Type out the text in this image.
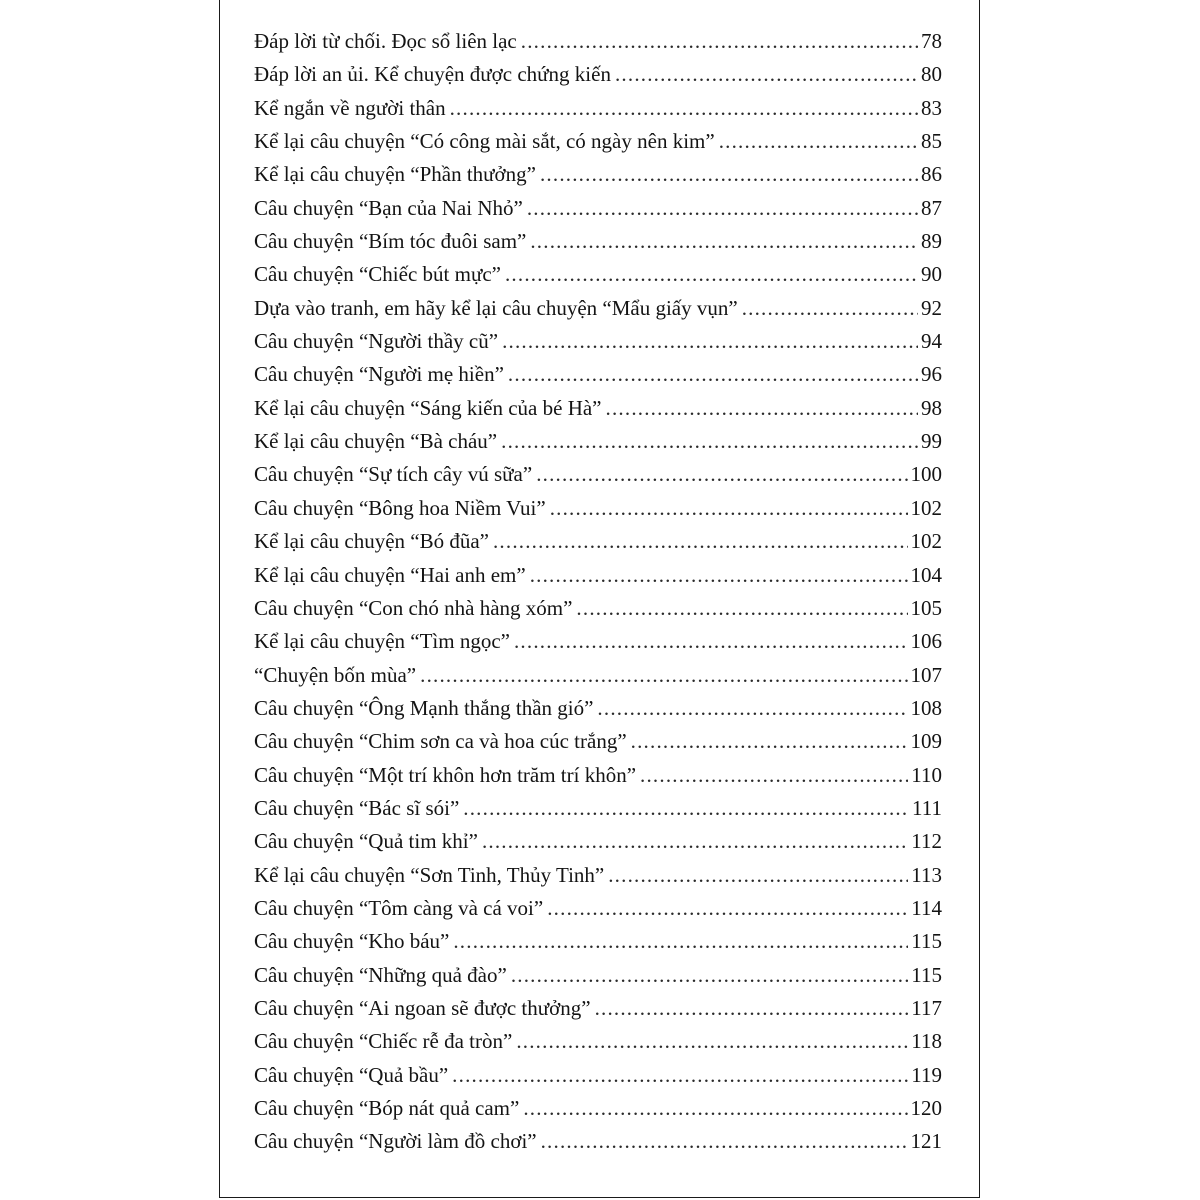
Đáp lời từ chối. Đọc sổ liên lạc .....	78
Đáp lời an ủi. Kể chuyện được chứng kiến .....	80
Kể ngắn về người thân .....	83
Kể lại câu chuyện “Có công mài sắt, có ngày nên kim” .....	85
Kể lại câu chuyện “Phần thưởng” .....	86
Câu chuyện “Bạn của Nai Nhỏ” .....	87
Câu chuyện “Bím tóc đuôi sam” .....	89
Câu chuyện “Chiếc bút mực” .....	90
Dựa vào tranh, em hãy kể lại câu chuyện “Mẩu giấy vụn” .....	92
Câu chuyện “Người thầy cũ” .....	94
Câu chuyện “Người mẹ hiền” .....	96
Kể lại câu chuyện “Sáng kiến của bé Hà” .....	98
Kể lại câu chuyện “Bà cháu” .....	99
Câu chuyện “Sự tích cây vú sữa” .....	100
Câu chuyện “Bông hoa Niềm Vui” .....	102
Kể lại câu chuyện “Bó đũa” .....	102
Kể lại câu chuyện “Hai anh em” .....	104
Câu chuyện “Con chó nhà hàng xóm” .....	105
Kể lại câu chuyện “Tìm ngọc” .....	106
“Chuyện bốn mùa” .....	107
Câu chuyện “Ông Mạnh thắng thần gió” .....	108
Câu chuyện “Chim sơn ca và hoa cúc trắng” .....	109
Câu chuyện “Một trí khôn hơn trăm trí khôn” .....	110
Câu chuyện “Bác sĩ sói” .....	111
Câu chuyện “Quả tim khỉ” .....	112
Kể lại câu chuyện “Sơn Tinh, Thủy Tinh” .....	113
Câu chuyện “Tôm càng và cá voi” .....	114
Câu chuyện “Kho báu” .....	115
Câu chuyện “Những quả đào” .....	115
Câu chuyện “Ai ngoan sẽ được thưởng” .....	117
Câu chuyện “Chiếc rễ đa tròn” .....	118
Câu chuyện “Quả bầu” .....	119
Câu chuyện “Bóp nát quả cam” .....	120
Câu chuyện “Người làm đồ chơi” .....	121
